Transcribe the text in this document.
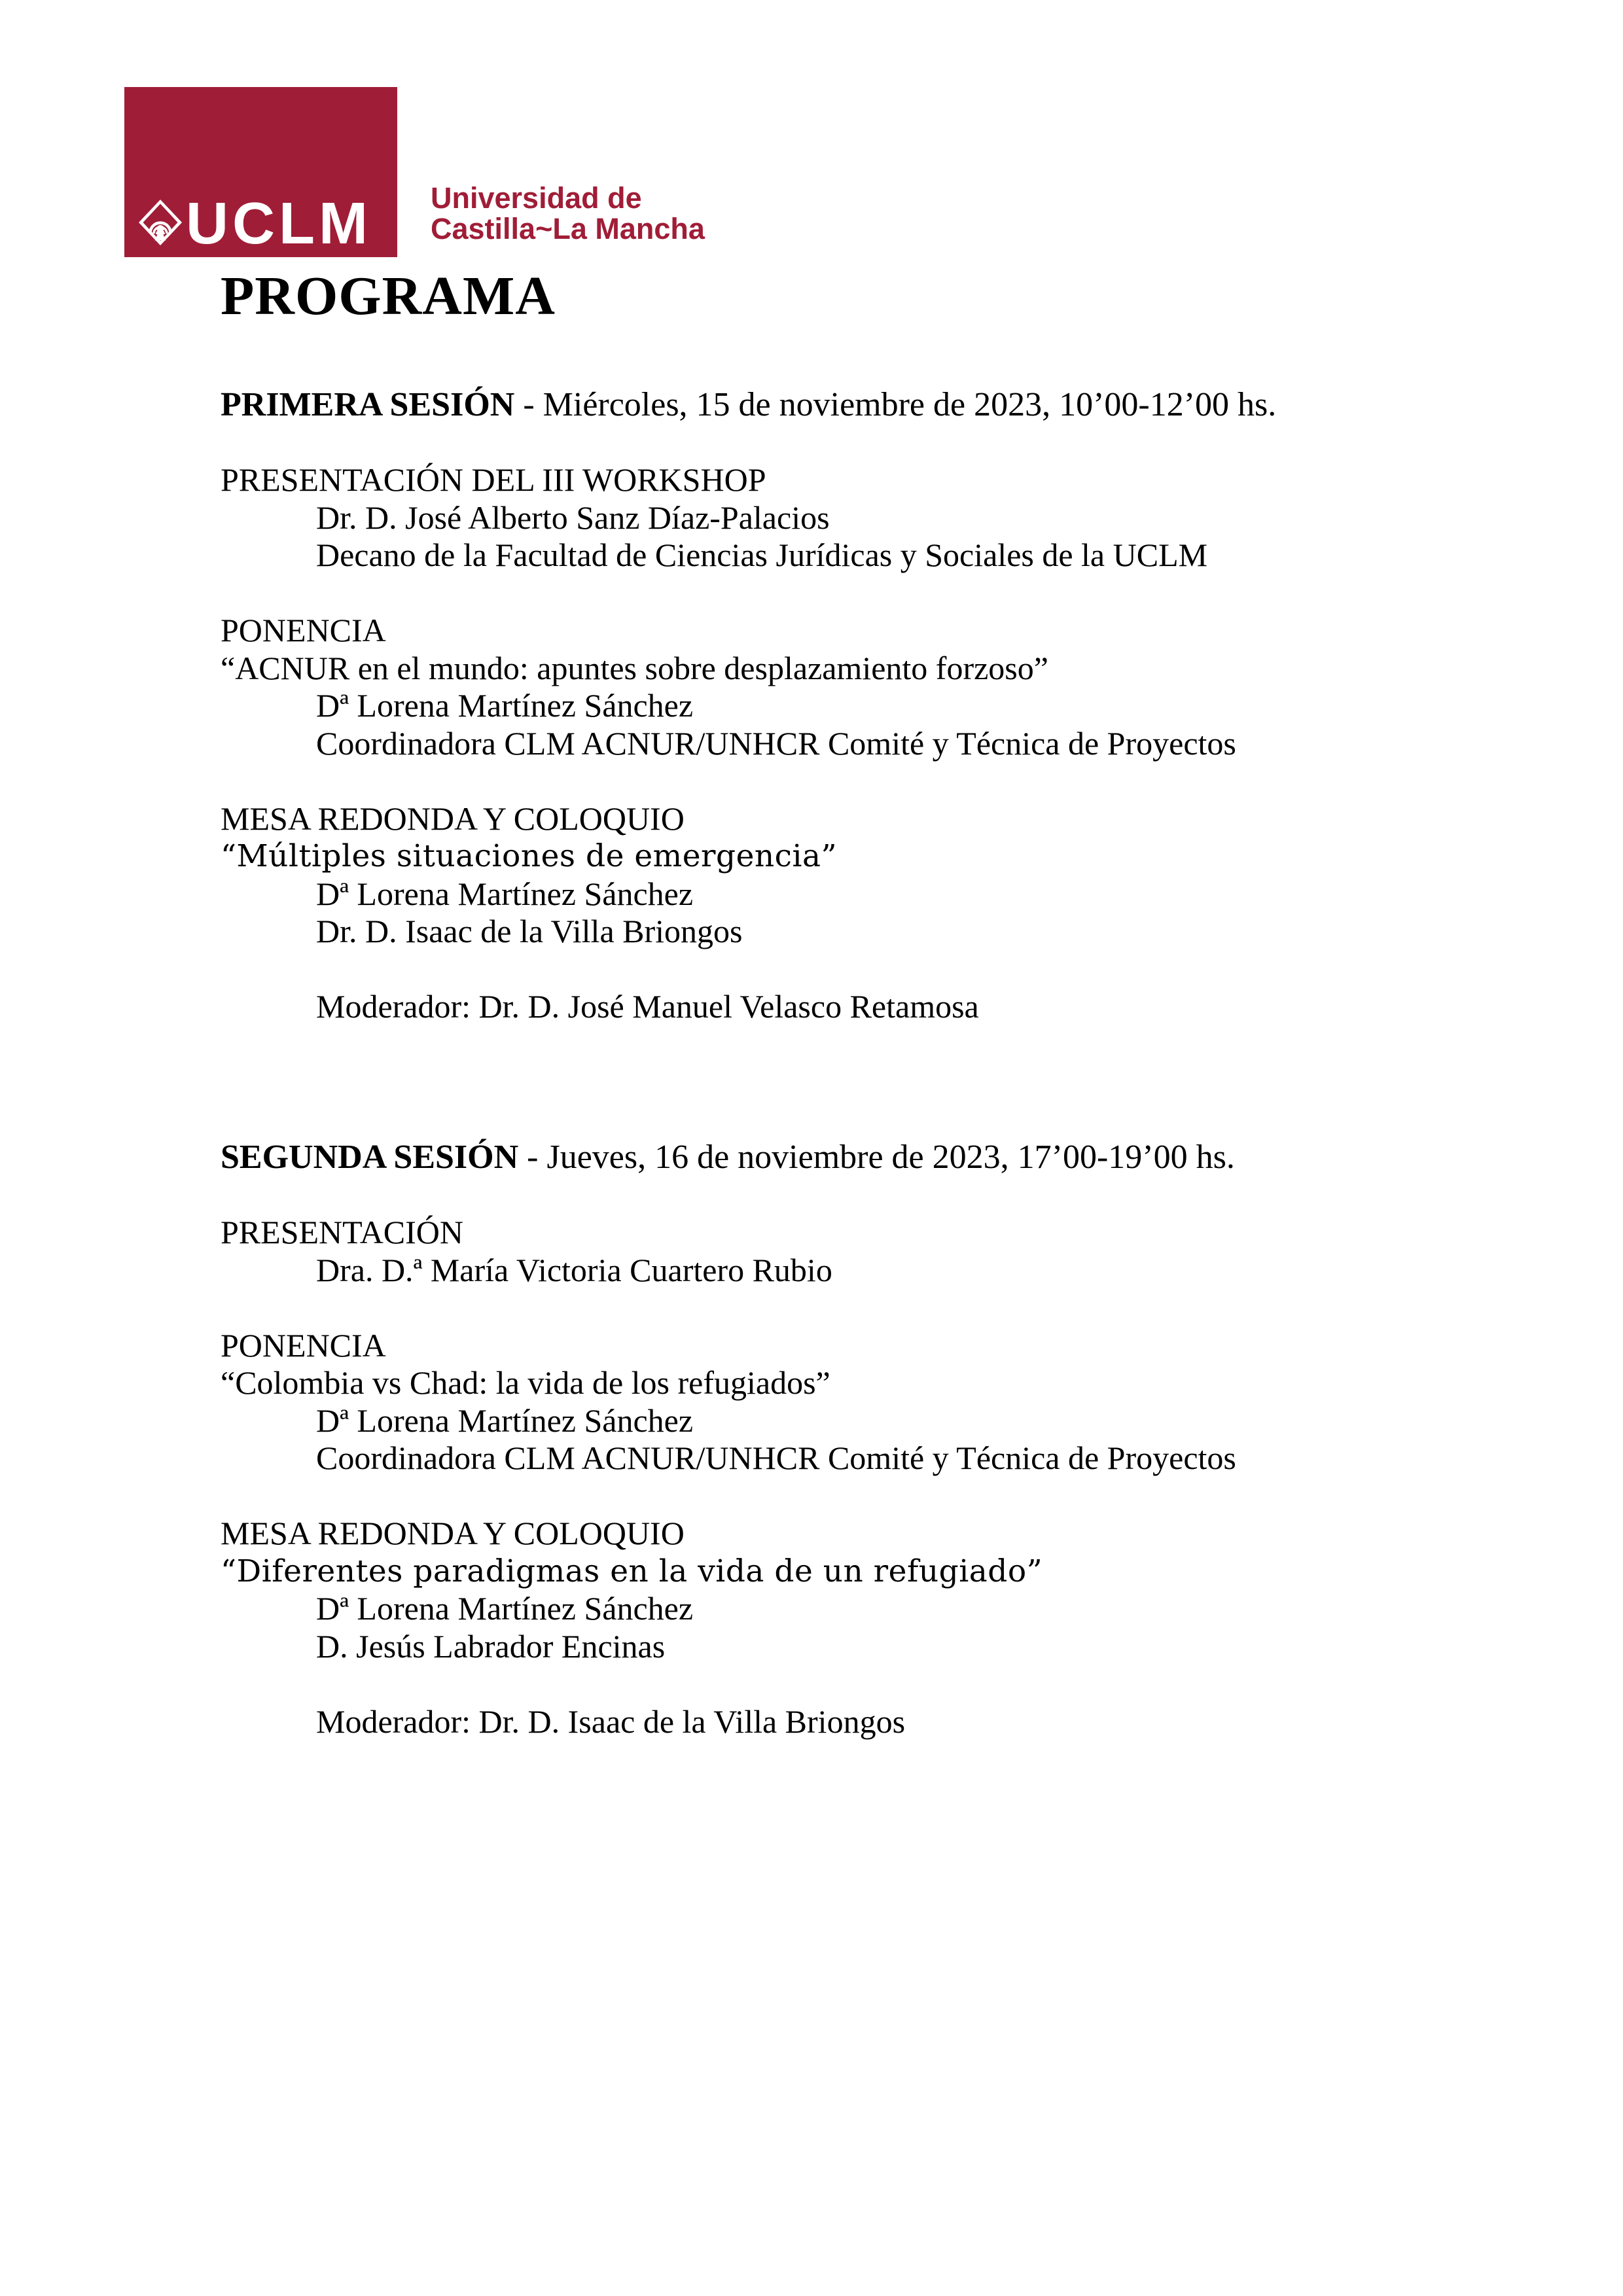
UCLM Universidad de
Castilla~La Mancha
PROGRAMA
PRIMERA SESIÓN - Miércoles, 15 de noviembre de 2023, 10’00-12’00 hs.
PRESENTACIÓN DEL III WORKSHOP
Dr. D. José Alberto Sanz Díaz-Palacios
Decano de la Facultad de Ciencias Jurídicas y Sociales de la UCLM
PONENCIA
“ACNUR en el mundo: apuntes sobre desplazamiento forzoso”
Dª Lorena Martínez Sánchez
Coordinadora CLM ACNUR/UNHCR Comité y Técnica de Proyectos
MESA REDONDA Y COLOQUIO
“Múltiples situaciones de emergencia”
Dª Lorena Martínez Sánchez
Dr. D. Isaac de la Villa Briongos
Moderador: Dr. D. José Manuel Velasco Retamosa
SEGUNDA SESIÓN - Jueves, 16 de noviembre de 2023, 17’00-19’00 hs.
PRESENTACIÓN
Dra. D.ª María Victoria Cuartero Rubio
PONENCIA
“Colombia vs Chad: la vida de los refugiados”
Dª Lorena Martínez Sánchez
Coordinadora CLM ACNUR/UNHCR Comité y Técnica de Proyectos
MESA REDONDA Y COLOQUIO
“Diferentes paradigmas en la vida de un refugiado”
Dª Lorena Martínez Sánchez
D. Jesús Labrador Encinas
Moderador: Dr. D. Isaac de la Villa Briongos
